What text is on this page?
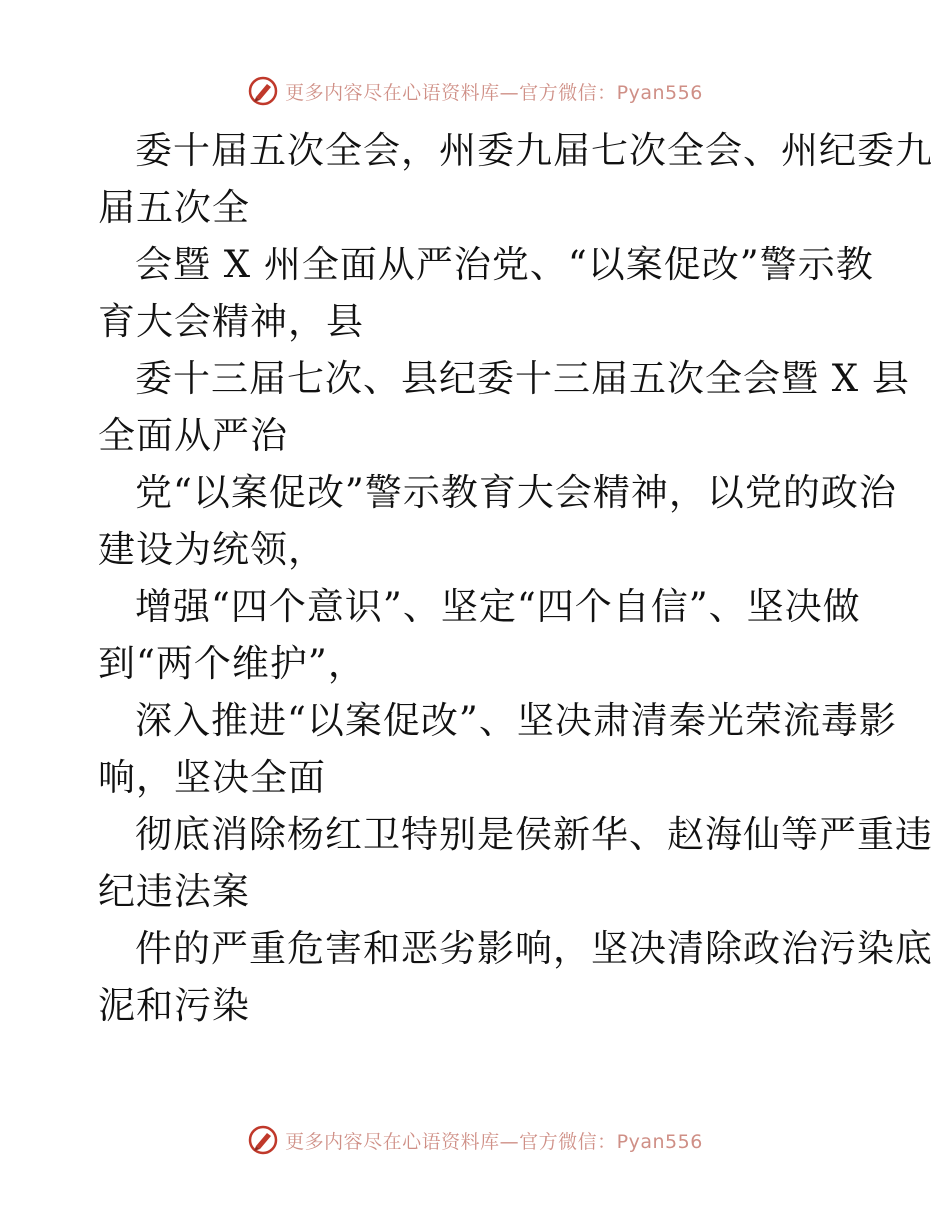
更多内容尽在心语资料库—官方微信：Pyan556

委十届五次全会，州委九届七次全会、州纪委九
届五次全

会暨 X 州全面从严治党、“以案促改”警示教
育大会精神，县

委十三届七次、县纪委十三届五次全会暨 X 县
全面从严治

党“以案促改”警示教育大会精神，以党的政治
建设为统领，

增强“四个意识”、坚定“四个自信”、坚决做
到“两个维护”，

深入推进“以案促改”、坚决肃清秦光荣流毒影
响，坚决全面

彻底消除杨红卫特别是侯新华、赵海仙等严重违
纪违法案

件的严重危害和恶劣影响，坚决清除政治污染底
泥和污染

更多内容尽在心语资料库—官方微信：Pyan556
